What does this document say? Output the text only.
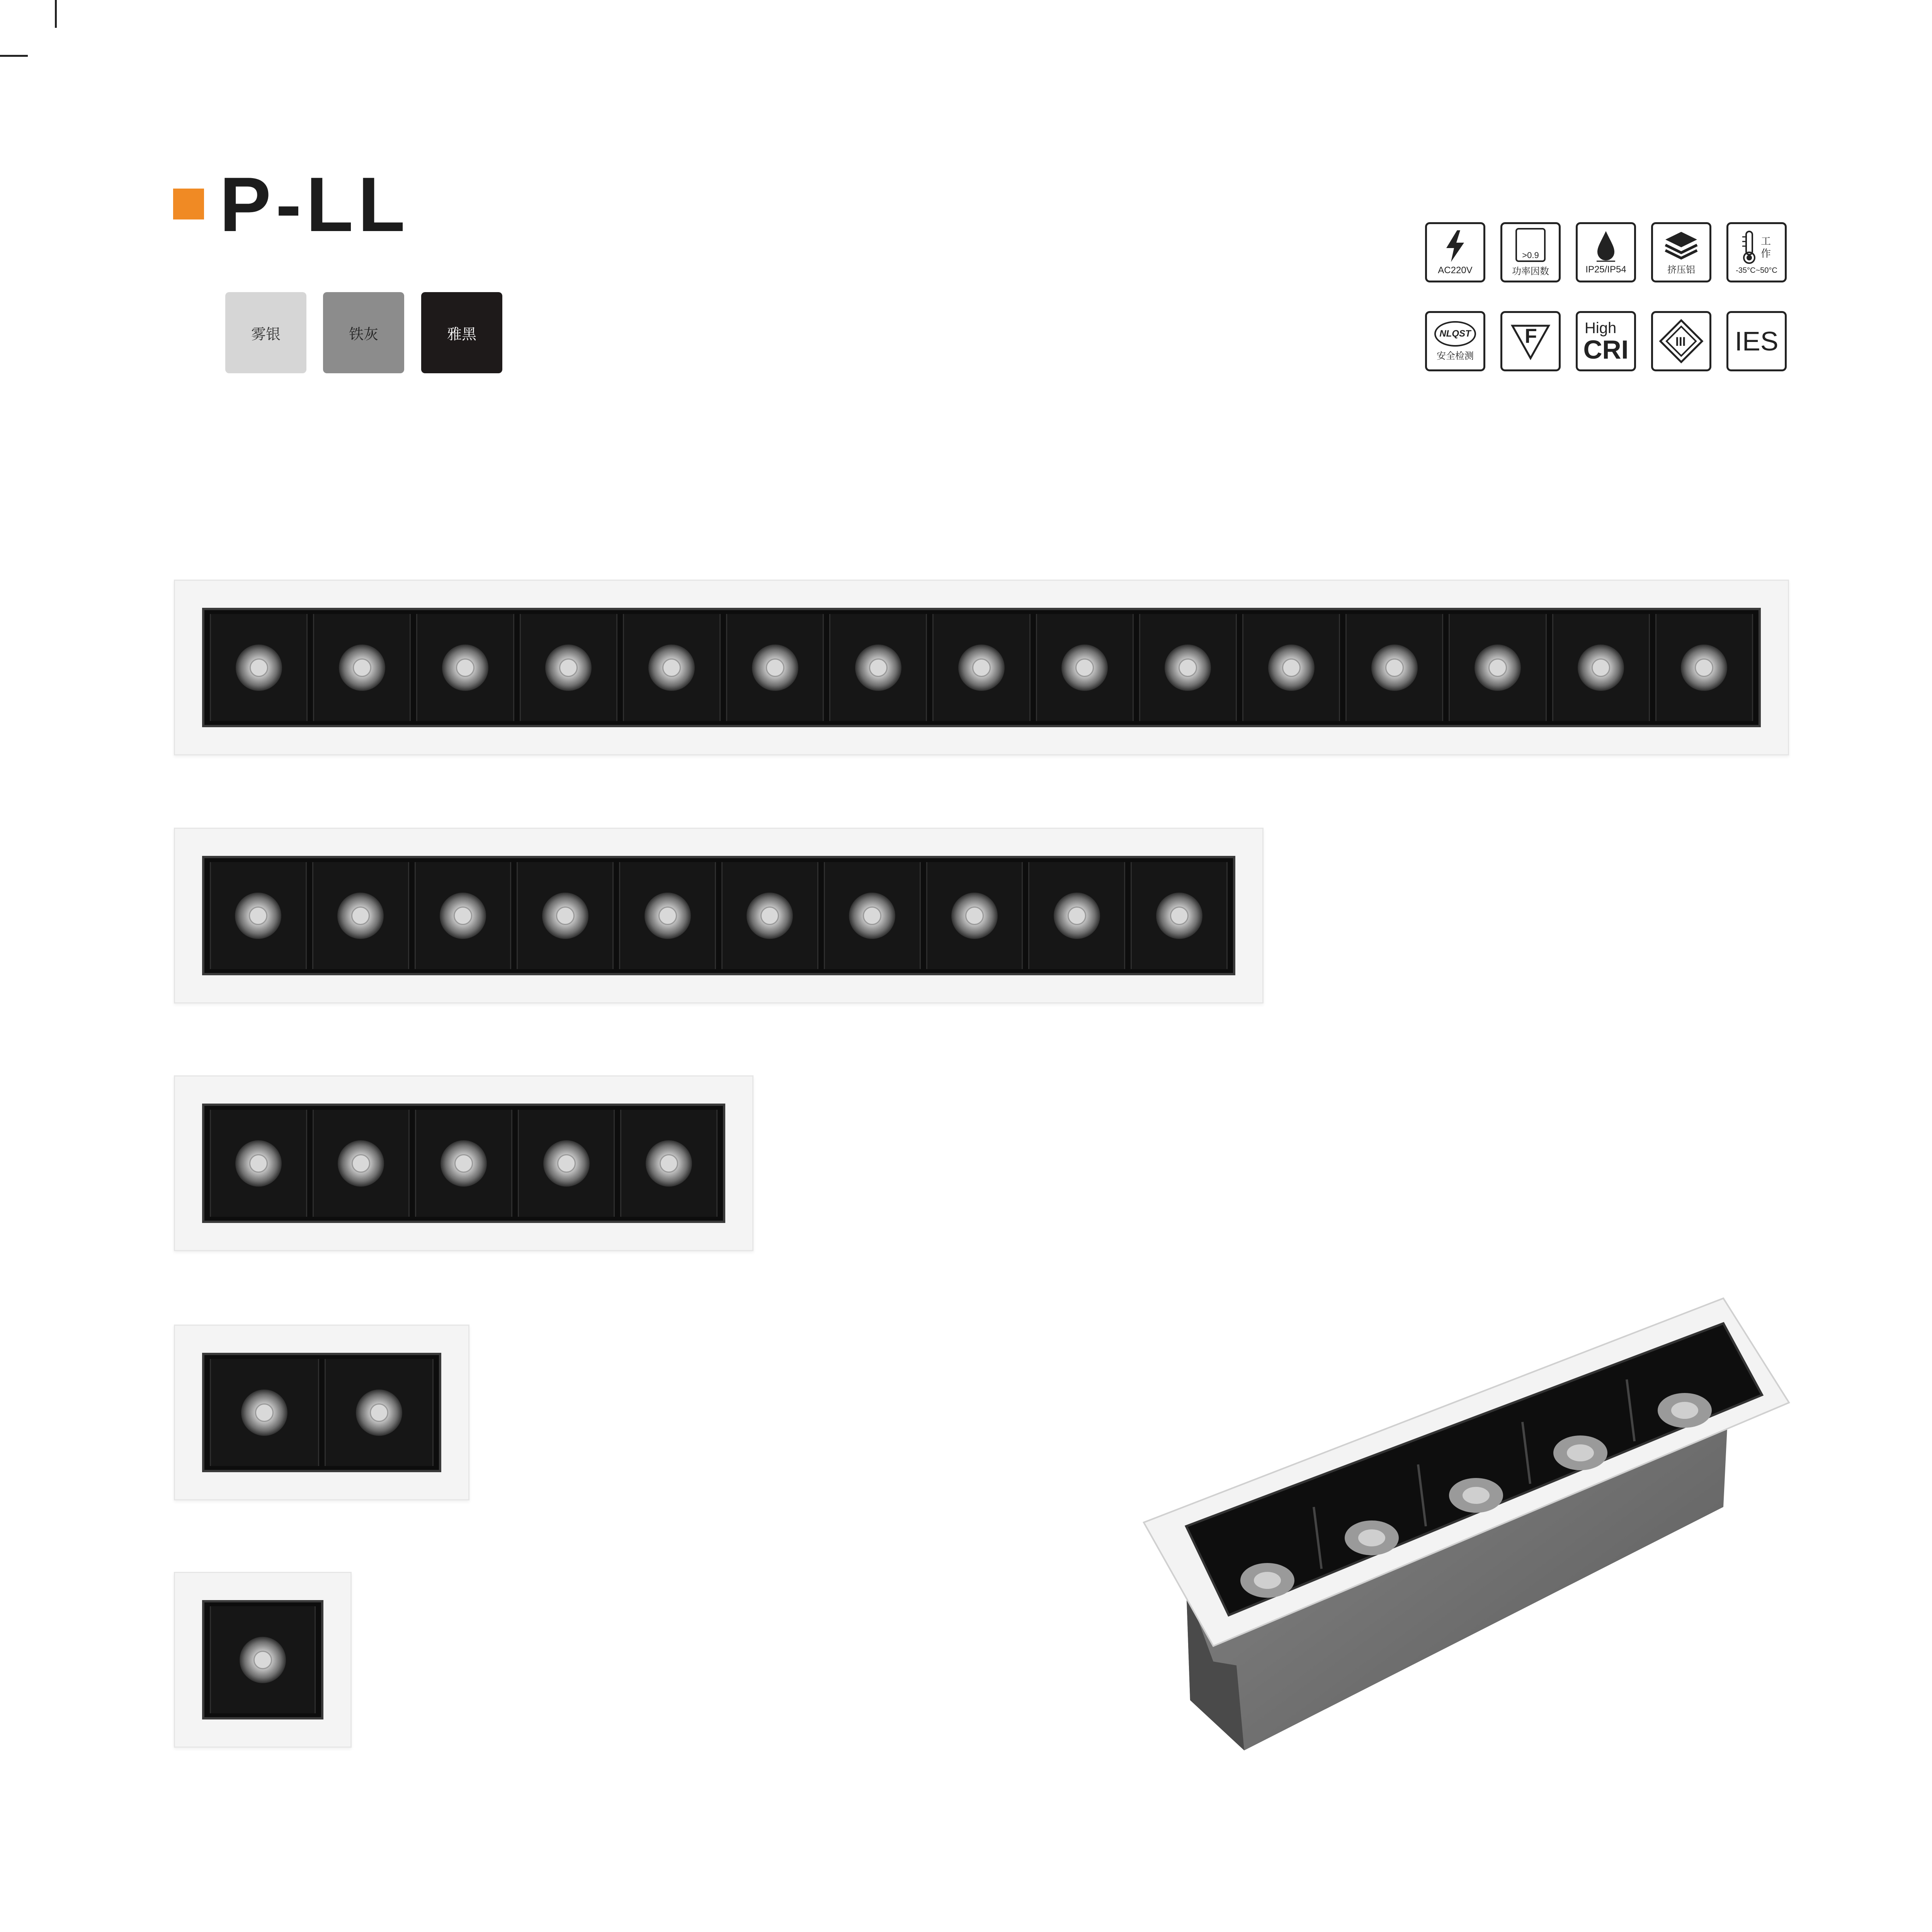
P-LL
雾银	铁灰	雅黑
AC220V
>0.9
功率因数	IP25/IP54	挤压铝
工作
-35°C~50°C
NLQST
安全检测
F	High
CRI	III IES
